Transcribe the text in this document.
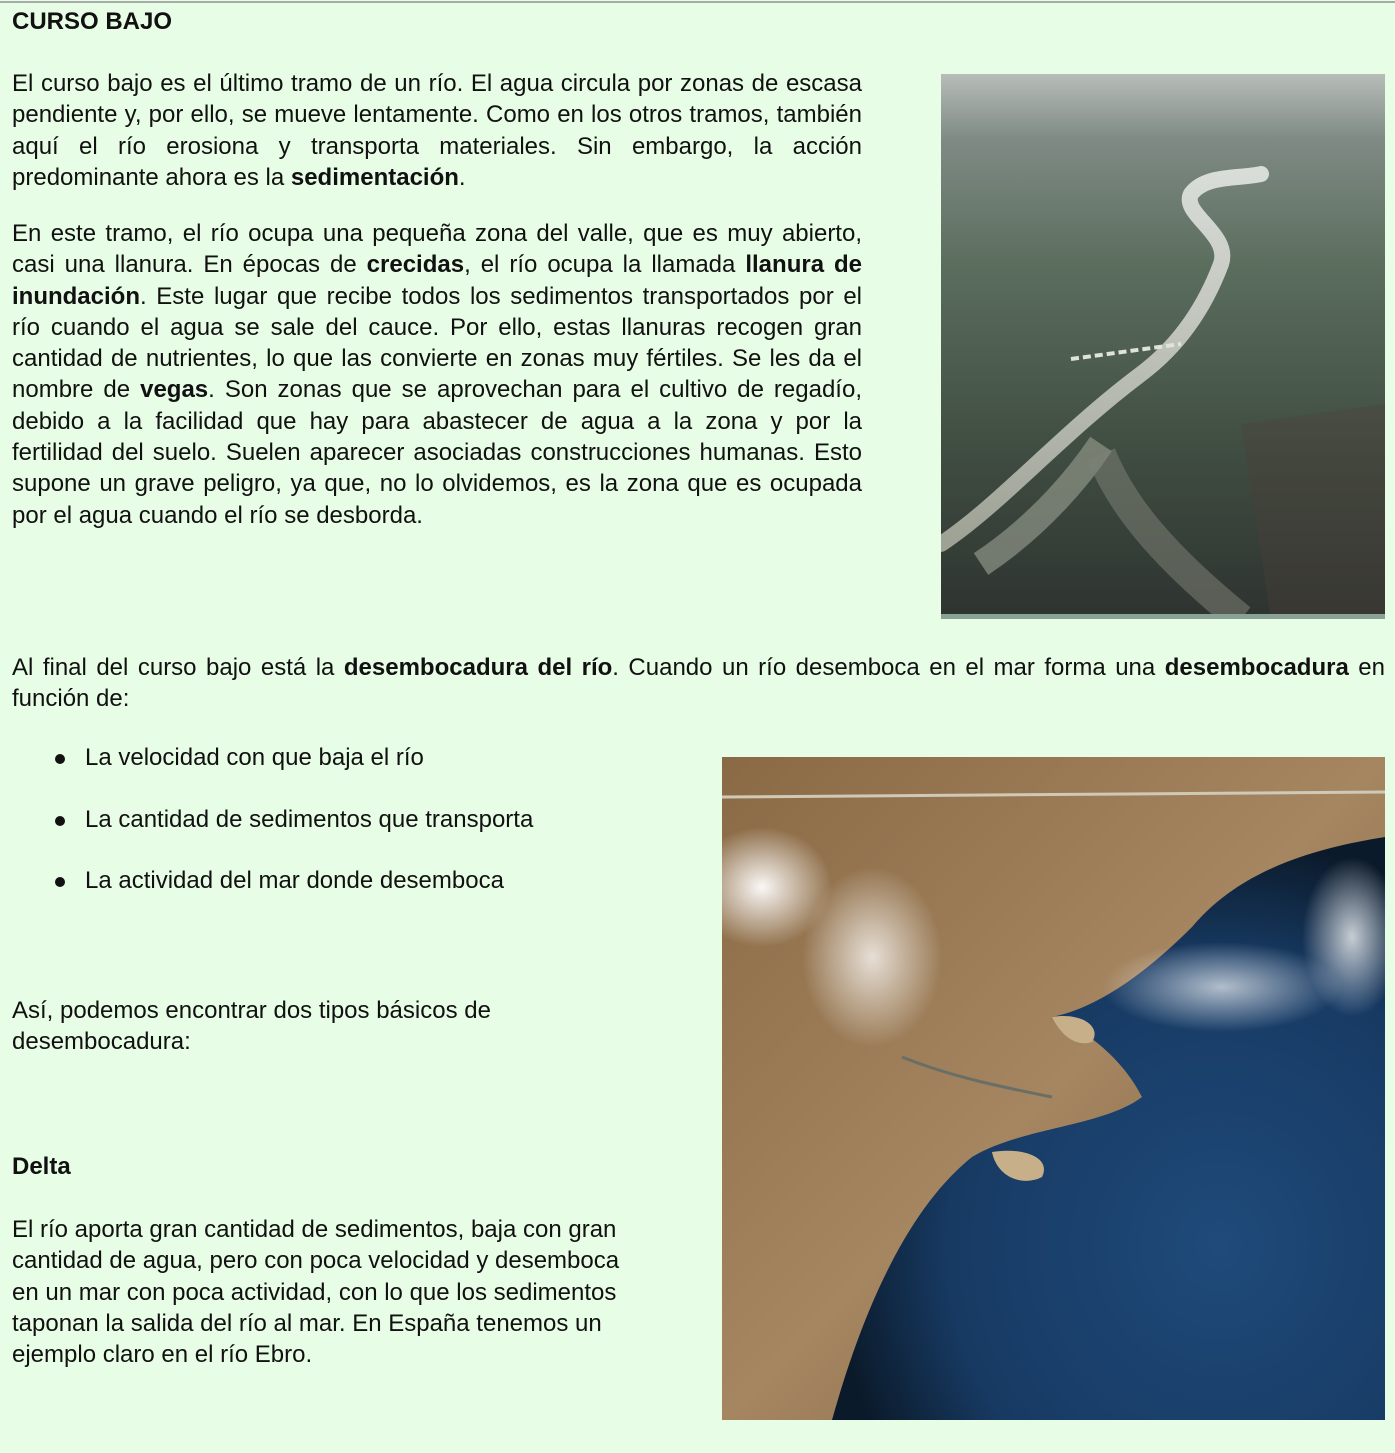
CURSO BAJO
El curso bajo es el último tramo de un río. El agua circula por zonas de escasa pendiente y, por ello, se mueve lentamente. Como en los otros tramos, también aquí el río erosiona y transporta materiales. Sin embargo, la acción predominante ahora es la sedimentación.
En este tramo, el río ocupa una pequeña zona del valle, que es muy abierto, casi una llanura. En épocas de crecidas, el río ocupa la llamada llanura de inundación. Este lugar que recibe todos los sedimentos transportados por el río cuando el agua se sale del cauce. Por ello, estas llanuras recogen gran cantidad de nutrientes, lo que las convierte en zonas muy fértiles. Se les da el nombre de vegas. Son zonas que se aprovechan para el cultivo de regadío, debido a la facilidad que hay para abastecer de agua a la zona y por la fertilidad del suelo. Suelen aparecer asociadas construcciones humanas. Esto supone un grave peligro, ya que, no lo olvidemos, es la zona que es ocupada por el agua cuando el río se desborda.
Al final del curso bajo está la desembocadura del río. Cuando un río desemboca en el mar forma una desembocadura en función de:
La velocidad con que baja el río
La cantidad de sedimentos que transporta
La actividad del mar donde desemboca
Así, podemos encontrar dos tipos básicos de desembocadura:
Delta
El río aporta gran cantidad de sedimentos, baja con gran cantidad de agua, pero con poca velocidad y desemboca en un mar con poca actividad, con lo que los sedimentos taponan la salida del río al mar. En España tenemos un ejemplo claro en el río Ebro.
